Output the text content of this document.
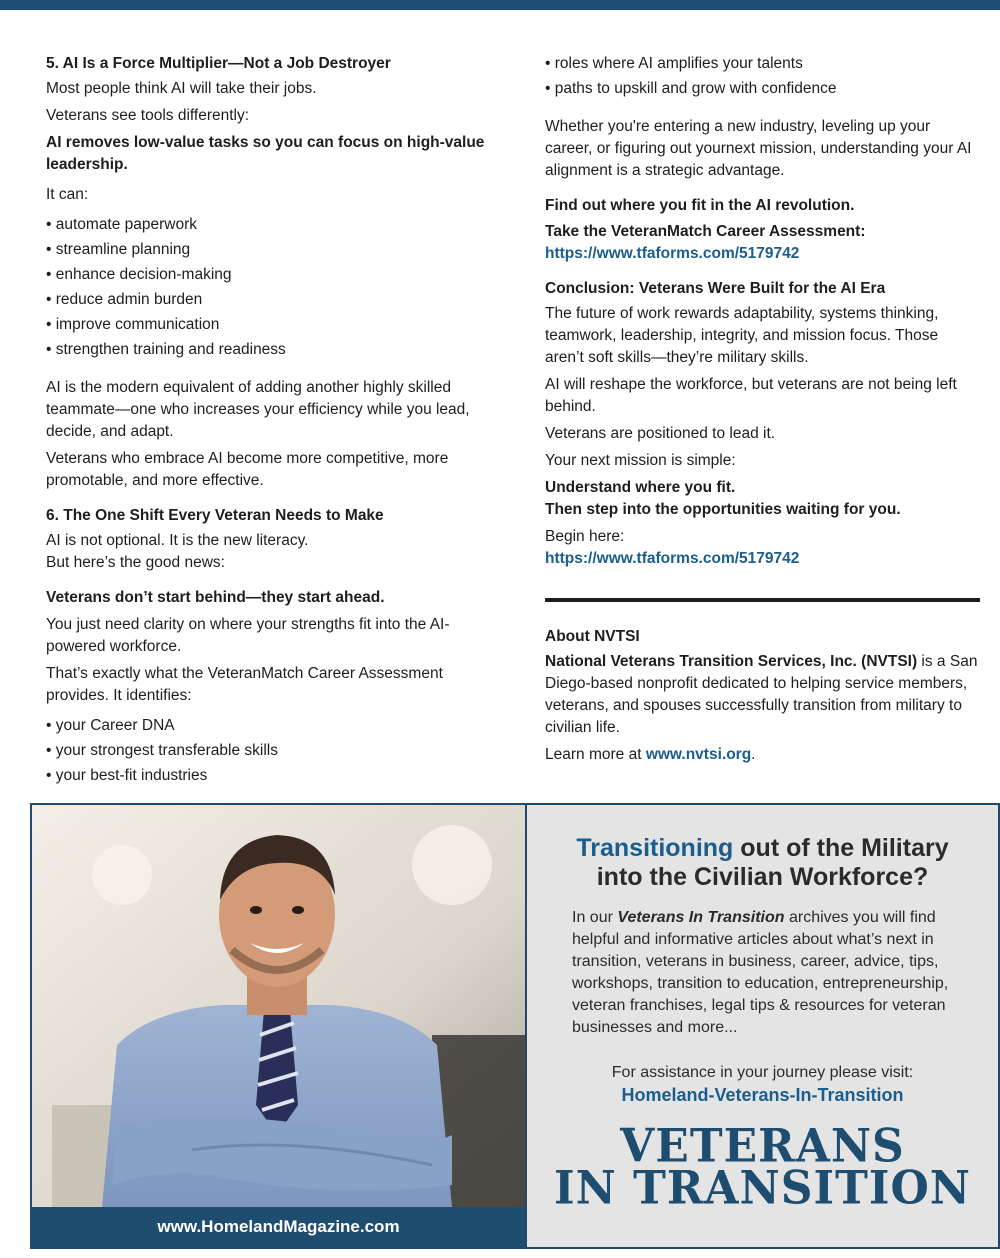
5. AI Is a Force Multiplier—Not a Job Destroyer

Most people think AI will take their jobs.

Veterans see tools differently:

AI removes low-value tasks so you can focus on high-value leadership.

It can:

• automate paperwork
• streamline planning
• enhance decision-making
• reduce admin burden
• improve communication
• strengthen training and readiness

AI is the modern equivalent of adding another highly skilled teammate—one who increases your efficiency while you lead, decide, and adapt.

Veterans who embrace AI become more competitive, more promotable, and more effective.

6. The One Shift Every Veteran Needs to Make

AI is not optional. It is the new literacy.

But here’s the good news:

Veterans don’t start behind—they start ahead.

You just need clarity on where your strengths fit into the AI-powered workforce.

That’s exactly what the VeteranMatch Career Assessment provides. It identifies:

• your Career DNA
• your strongest transferable skills
• your best-fit industries
• roles where AI amplifies your talents
• paths to upskill and grow with confidence

Whether you're entering a new industry, leveling up your career, or figuring out yournext mission, understanding your AI alignment is a strategic advantage.

Find out where you fit in the AI revolution.

Take the VeteranMatch Career Assessment:

https://www.tfaforms.com/5179742

Conclusion: Veterans Were Built for the AI Era

The future of work rewards adaptability, systems thinking, teamwork, leadership, integrity, and mission focus. Those aren’t soft skills—they’re military skills.

AI will reshape the workforce, but veterans are not being left behind.

Veterans are positioned to lead it.

Your next mission is simple:

Understand where you fit.

Then step into the opportunities waiting for you.

Begin here:

https://www.tfaforms.com/5179742

About NVTSI

National Veterans Transition Services, Inc. (NVTSI) is a San Diego-based nonprofit dedicated to helping service members, veterans, and spouses successfully transition from military to civilian life.

Learn more at www.nvtsi.org.

www.HomelandMagazine.com
Transitioning out of the Military
into the Civilian Workforce?

In our Veterans In Transition archives you will find helpful and informative articles about what’s next in transition, veterans in business, career, advice, tips, workshops, transition to education, entrepreneurship, veteran franchises, legal tips & resources for veteran businesses and more...

For assistance in your journey please visit:

Homeland-Veterans-In-Transition

VETERANS
IN TRANSITION
